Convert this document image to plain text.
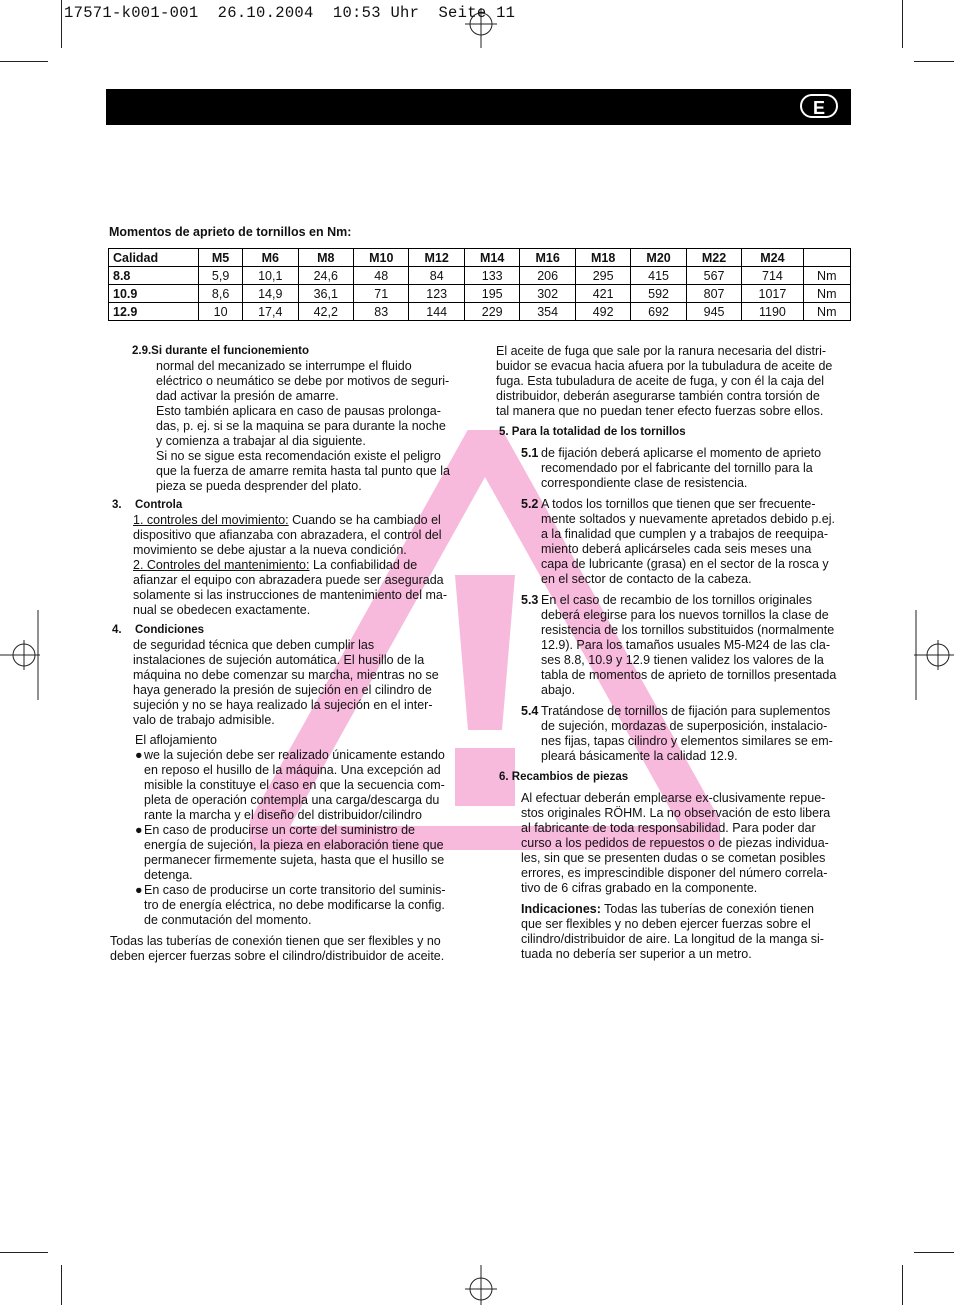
17571-k001-001  26.10.2004  10:53 Uhr  Seite 11
E
Momentos de aprieto de tornillos en Nm:
Calidad	M5	M6	M8	M10	M12	M14	M16	M18	M20	M22	M24	
8.8	5,9	10,1	24,6	48	84	133	206	295	415	567	714	Nm
10.9	8,6	14,9	36,1	71	123	195	302	421	592	807	1017	Nm
12.9	10	17,4	42,2	83	144	229	354	492	692	945	1190	Nm

2.9.Si durante el funcionemiento

normal del mecanizado se interrumpe el fluido

eléctrico o neumático se debe por motivos de seguri-

dad activar la presión de amarre.

Esto también aplicara en caso de pausas prolonga-

das, p. ej. si se la maquina se para durante la noche

y comienza a trabajar al dia siguiente.

Si no se sigue esta recomendación existe el peligro

que la fuerza de amarre remita hasta tal punto que la

pieza se pueda desprender del plato.

3.	Controla

1. controles del movimiento: Cuando se ha cambiado el

dispositivo que afianzaba con abrazadera, el control del

movimiento se debe ajustar a la nueva condición.

2. Controles del mantenimiento: La confiabilidad de

afianzar el equipo con abrazadera puede ser asegurada

solamente si las instrucciones de mantenimiento del ma-

nual se obedecen exactamente.

4.	Condiciones

de seguridad técnica que deben cumplir las

instalaciones de sujeción automática. El husillo de la

máquina no debe comenzar su marcha, mientras no se

haya generado la presión de sujeción en el cilindro de

sujeción y no se haya realizado la sujeción en el inter-

valo de trabajo admisible.

El aflojamiento

● we la sujeción debe ser realizado únicamente estando

en reposo el husillo de la máquina. Una excepción ad

misible la constituye el caso en que la secuencia com-

pleta de operación contempla una carga/descarga du

rante la marcha y el diseño del distribuidor/cilindro

● En caso de producirse un corte del suministro de

energía de sujeción, la pieza en elaboración tiene que

permanecer firmemente sujeta, hasta que el husillo se

detenga.

● En caso de producirse un corte transitorio del suminis-

tro de energía eléctrica, no debe modificarse la config.

de conmutación del momento.

Todas las tuberías de conexión tienen que ser flexibles y no

deben ejercer fuerzas sobre el cilindro/distribuidor de aceite.

El aceite de fuga que sale por la ranura necesaria del distri-

buidor se evacua hacia afuera por la tubuladura de aceite de

fuga. Esta tubuladura de aceite de fuga, y con él la caja del

distribuidor, deberán asegurarse también contra torsión de

tal manera que no puedan tener efecto fuerzas sobre ellos.

5. Para la totalidad de los tornillos

5.1 de fijación deberá aplicarse el momento de aprieto

recomendado por el fabricante del tornillo para la

correspondiente clase de resistencia.

5.2 A todos los tornillos que tienen que ser frecuente-

mente soltados y nuevamente apretados debido p.ej.

a la finalidad que cumplen y a trabajos de reequipa-

miento deberá aplicárseles cada seis meses una

capa de lubricante (grasa) en el sector de la rosca y

en el sector de contacto de la cabeza.

5.3 En el caso de recambio de los tornillos originales

deberá elegirse para los nuevos tornillos la clase de

resistencia de los tornillos substituidos (normalmente

12.9). Para los tamaños usuales M5-M24 de las cla-

ses 8.8, 10.9 y 12.9 tienen validez los valores de la

tabla de momentos de aprieto de tornillos presentada

abajo.

5.4 Tratándose de tornillos de fijación para suplementos

de sujeción, mordazas de superposición, instalacio-

nes fijas, tapas cilindro y elementos similares se em-

pleará básicamente la calidad 12.9.

6. Recambios de piezas

Al efectuar deberán emplearse ex-clusivamente repue-

stos originales RÖHM. La no observación de esto libera

al fabricante de toda responsabilidad. Para poder dar

curso a los pedidos de repuestos o de piezas individua-

les, sin que se presenten dudas o se cometan posibles

errores, es imprescindible disponer del número correla-

tivo de 6 cifras grabado en la componente.

Indicaciones: Todas las tuberías de conexión tienen

que ser flexibles y no deben ejercer fuerzas sobre el

cilindro/distribuidor de aire. La longitud de la manga si-

tuada no debería ser superior a un metro.
